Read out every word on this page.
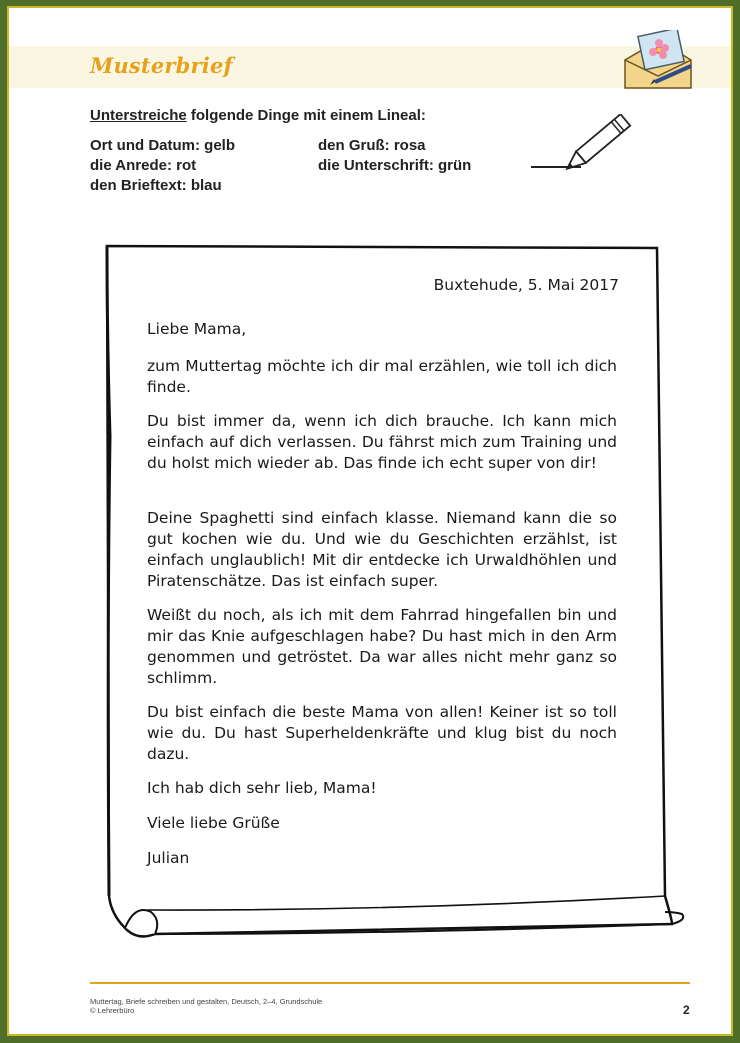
Musterbrief
Unterstreiche folgende Dinge mit einem Lineal:
Ort und Datum: gelb
die Anrede: rot
den Brieftext: blau
den Gruß: rosa
die Unterschrift: grün
Buxtehude, 5. Mai 2017

Liebe Mama,

zum Muttertag möchte ich dir mal erzählen, wie toll ich dich finde.

Du bist immer da, wenn ich dich brauche. Ich kann mich einfach auf dich verlassen. Du fährst mich zum Training und du holst mich wieder ab. Das finde ich echt super von dir!

Deine Spaghetti sind einfach klasse. Niemand kann die so gut kochen wie du. Und wie du Geschichten erzählst, ist einfach unglaublich! Mit dir entdecke ich Urwaldhöhlen und Piratenschätze. Das ist einfach super.

Weißt du noch, als ich mit dem Fahrrad hingefallen bin und mir das Knie aufgeschlagen habe? Du hast mich in den Arm genommen und getröstet. Da war alles nicht mehr ganz so schlimm.

Du bist einfach die beste Mama von allen! Keiner ist so toll wie du. Du hast Superheldenkräfte und klug bist du noch dazu.

Ich hab dich sehr lieb, Mama!

Viele liebe Grüße

Julian

Muttertag, Briefe schreiben und gestalten, Deutsch, 2–4, Grundschule
© Lehrerbüro	2
